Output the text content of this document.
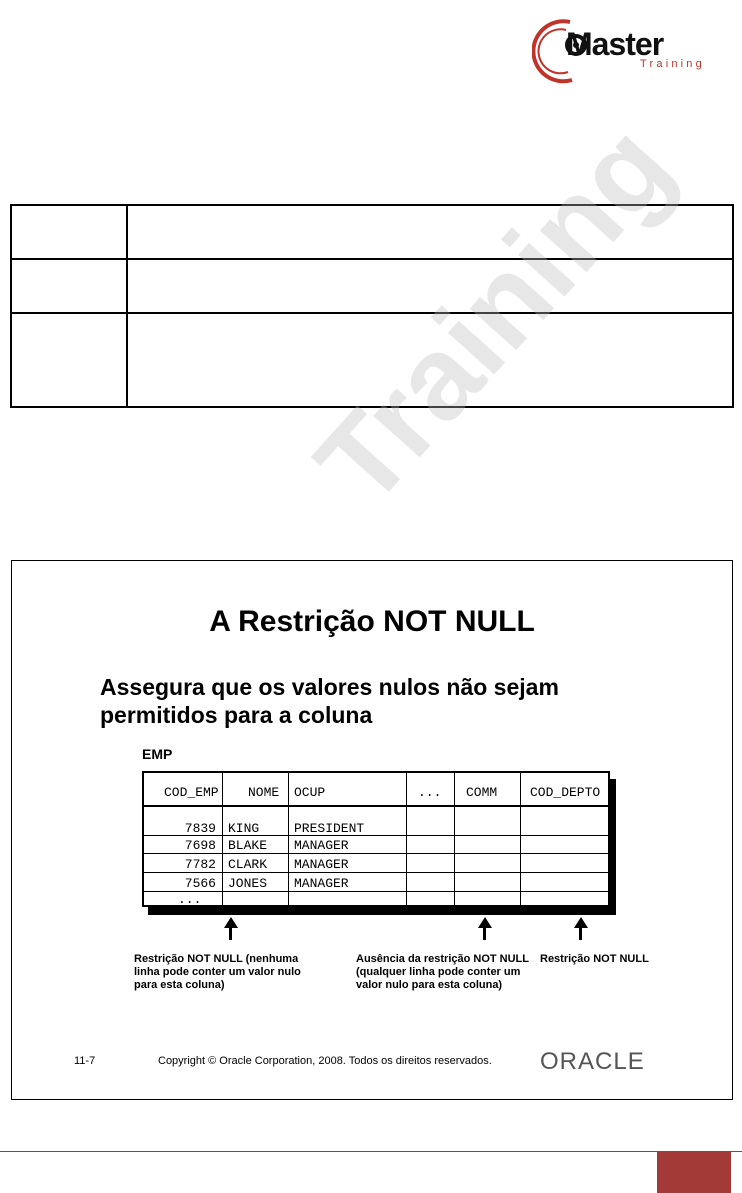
Master
Training

Training
A Restrição NOT NULL
Assegura que os valores nulos não sejam permitidos para a coluna
EMP
COD_EMP NOME OCUP	... COMM	COD_DEPTO
7839 KING	PRESIDENT
7698 BLAKE MANAGER
7782 CLARK MANAGER
7566 JONES MANAGER
...
Restrição NOT NULL (nenhuma linha pode conter um valor nulo para esta coluna)
Ausência da restrição NOT NULL (qualquer linha pode conter um valor nulo para esta coluna)
Restrição NOT NULL
11-7	Copyright © Oracle Corporation, 2008. Todos os direitos reservados. ORACLE
